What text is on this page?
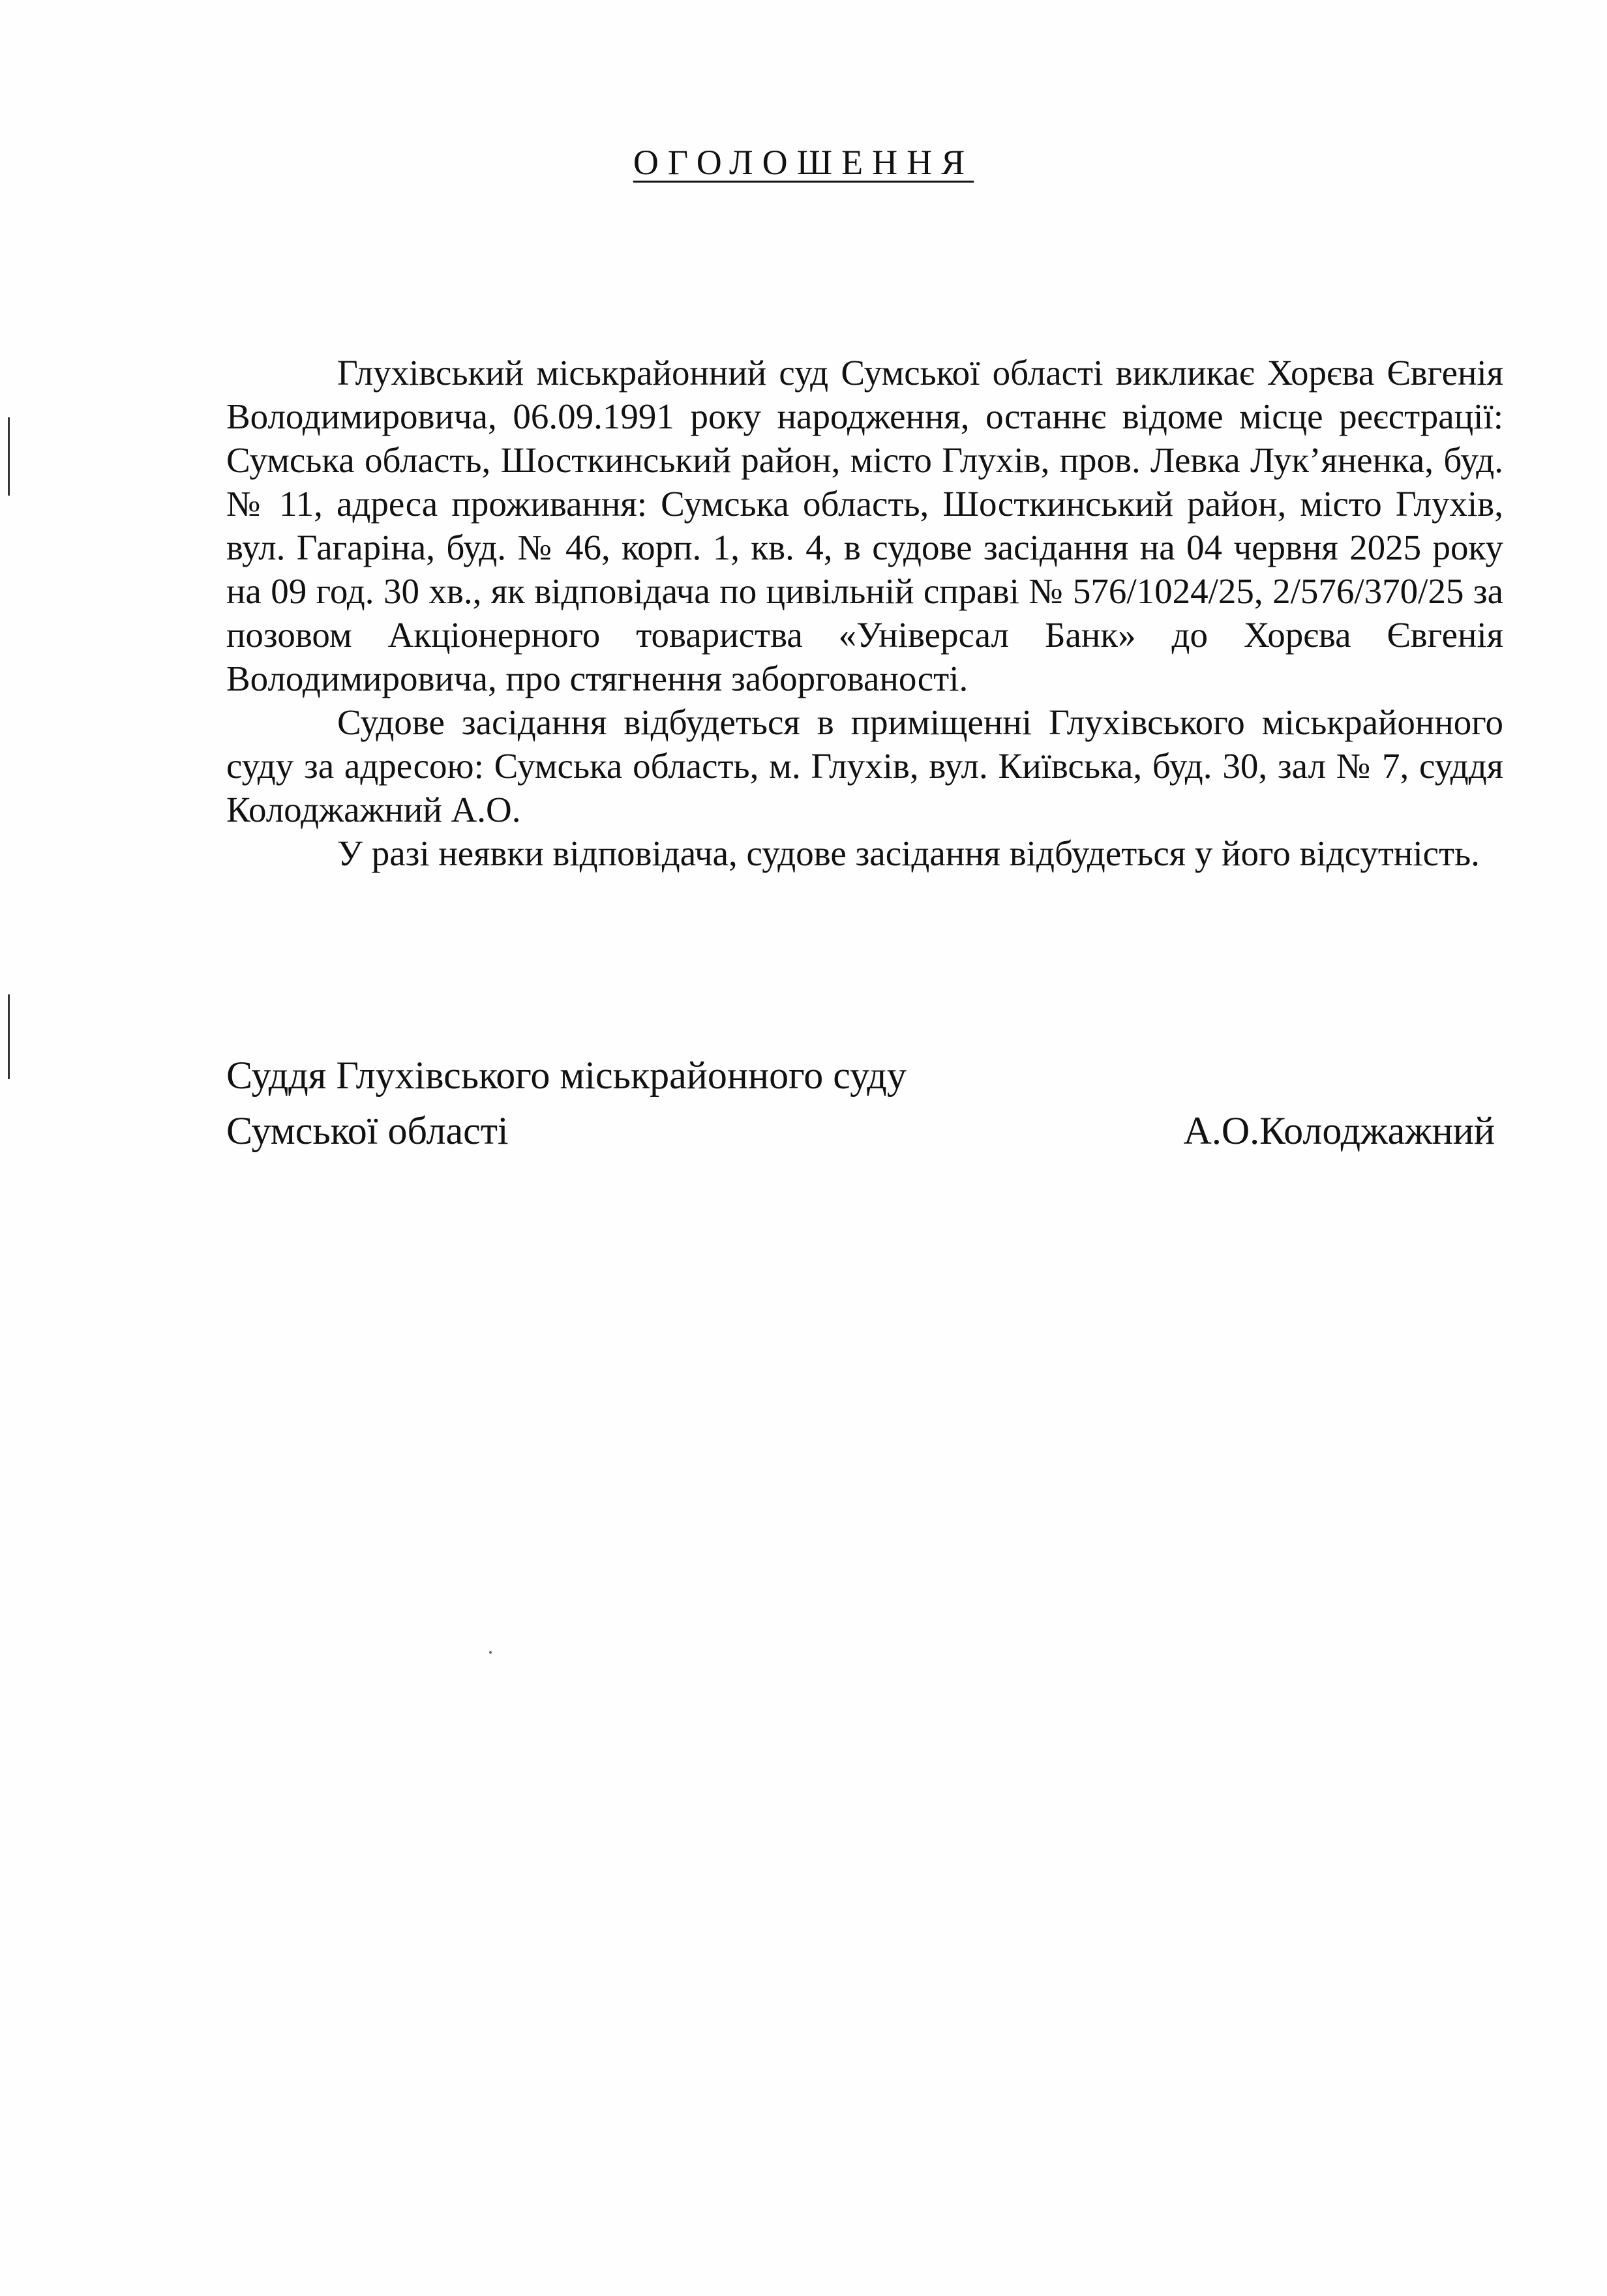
ОГОЛОШЕННЯ

Глухівський міськрайонний суд Сумської області викликає Хорєва Євгенія Володимировича, 06.09.1991 року народження, останнє відоме місце реєстрації: Сумська область, Шосткинський район, місто Глухів, пров. Левка Лук’яненка, буд. № 11, адреса проживання: Сумська область, Шосткинський район, місто Глухів, вул. Гагаріна, буд. № 46, корп. 1, кв. 4, в судове засідання на 04 червня 2025 року на 09 год. 30 хв., як відповідача по цивільній справі № 576/1024/25, 2/576/370/25 за позовом Акціонерного товариства «Універсал Банк» до Хорєва Євгенія Володимировича, про стягнення заборгованості.

Судове засідання відбудеться в приміщенні Глухівського міськрайонного суду за адресою: Сумська область, м. Глухів, вул. Київська, буд. 30, зал № 7, суддя Колоджажний А.О.

У разі неявки відповідача, судове засідання відбудеться у його відсутність.

Суддя Глухівського міськрайонного суду
Сумської області	А.О.Колоджажний
